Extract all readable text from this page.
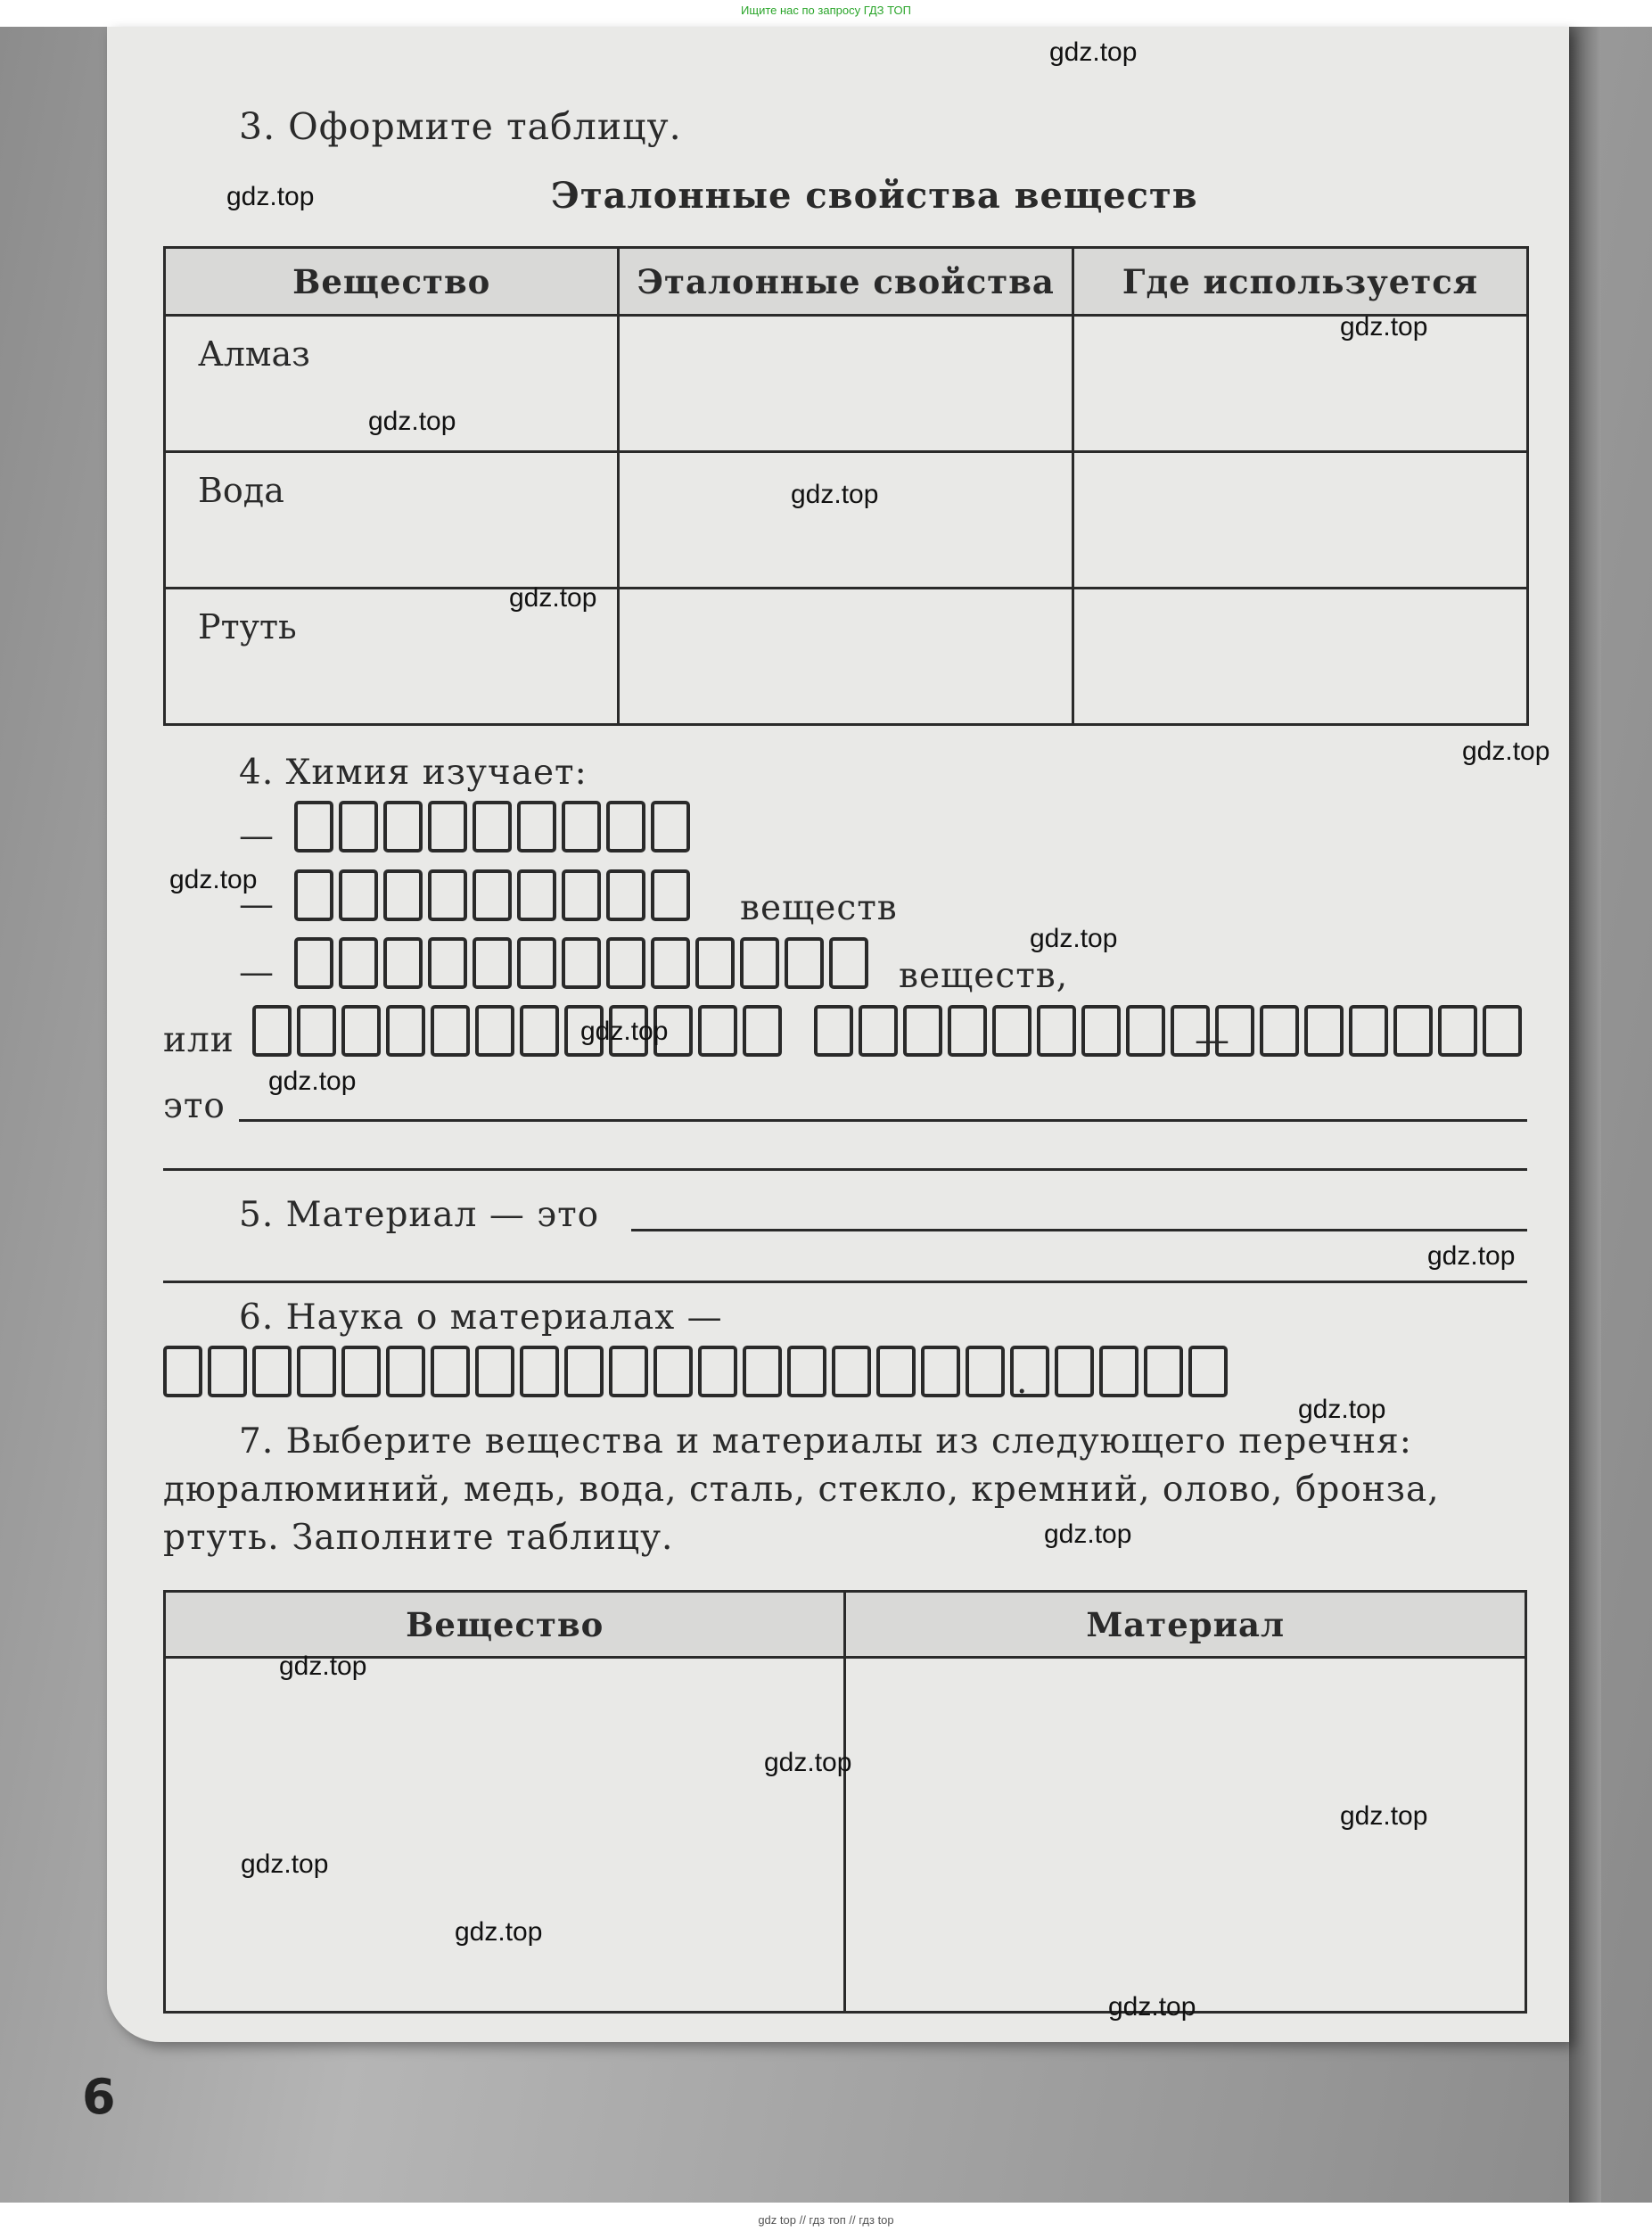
Ищите нас по запросу ГДЗ ТОП
3. Оформите таблицу.
Эталонные свойства веществ
Вещество	Эталонные свойства	Где используется

Алмаз		

Вода		

Ртуть		

4. Химия изучает:
—
—	веществ
—	веществ,
или	—
это
5. Материал — это
6. Наука о материалах —
.
7. Выберите вещества и материалы из следующего перечня:
дюралюминий, медь, вода, сталь, стекло, кремний, олово, бронза,
ртуть. Заполните таблицу.
Вещество	Материал

6
gdz.top
gdz.top
gdz.top
gdz.top
gdz.top
gdz.top
gdz.top
gdz.top
gdz.top
gdz.top
gdz.top
gdz.top
gdz.top
gdz.top
gdz.top
gdz.top
gdz.top
gdz.top
gdz.top
gdz.top
gdz top // гдз топ // гдз top
